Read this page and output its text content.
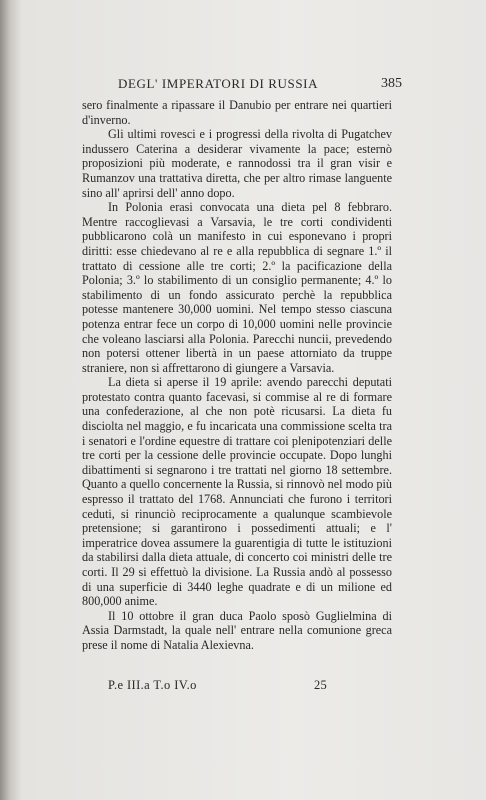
DEGL' IMPERATORI DI RUSSIA	385

sero finalmente a ripassare il Danubio per entrare nei quartieri d'inverno.

Gli ultimi rovesci e i progressi della rivolta di Pugatchev indussero Caterina a desiderar vivamente la pace; esternò proposizioni più moderate, e rannodossi tra il gran visir e Rumanzov una trattativa diretta, che per altro rimase languente sino all' aprirsi dell' anno dopo.

In Polonia erasi convocata una dieta pel 8 febbraro. Mentre raccoglievasi a Varsavia, le tre corti condividenti pubblicarono colà un manifesto in cui esponevano i propri diritti: esse chiedevano al re e alla repubblica di segnare 1.º il trattato di cessione alle tre corti; 2.º la pacificazione della Polonia; 3.º lo stabilimento di un consiglio permanente; 4.º lo stabilimento di un fondo assicurato perchè la repubblica potesse mantenere 30,000 uomini. Nel tempo stesso ciascuna potenza entrar fece un corpo di 10,000 uomini nelle provincie che voleano lasciarsi alla Polonia. Parecchi nuncii, prevedendo non potersi ottener libertà in un paese attorniato da truppe straniere, non si affrettarono di giungere a Varsavia.

La dieta si aperse il 19 aprile: avendo parecchi deputati protestato contra quanto facevasi, si commise al re di formare una confederazione, al che non potè ricusarsi. La dieta fu disciolta nel maggio, e fu incaricata una commissione scelta tra i senatori e l'ordine equestre di trattare coi plenipotenziari delle tre corti per la cessione delle provincie occupate. Dopo lunghi dibattimenti si segnarono i tre trattati nel giorno 18 settembre. Quanto a quello concernente la Russia, si rinnovò nel modo più espresso il trattato del 1768. Annunciati che furono i territori ceduti, si rinunciò reciprocamente a qualunque scambievole pretensione; si garantirono i possedimenti attuali; e l' imperatrice dovea assumere la guarentigia di tutte le istituzioni da stabilirsi dalla dieta attuale, di concerto coi ministri delle tre corti. Il 29 si effettuò la divisione. La Russia andò al possesso di una superficie di 3440 leghe quadrate e di un milione ed 800,000 anime.

Il 10 ottobre il gran duca Paolo sposò Guglielmina di Assia Darmstadt, la quale nell' entrare nella comunione greca prese il nome di Natalia Alexievna.

P.e III.a T.o IV.o	25
